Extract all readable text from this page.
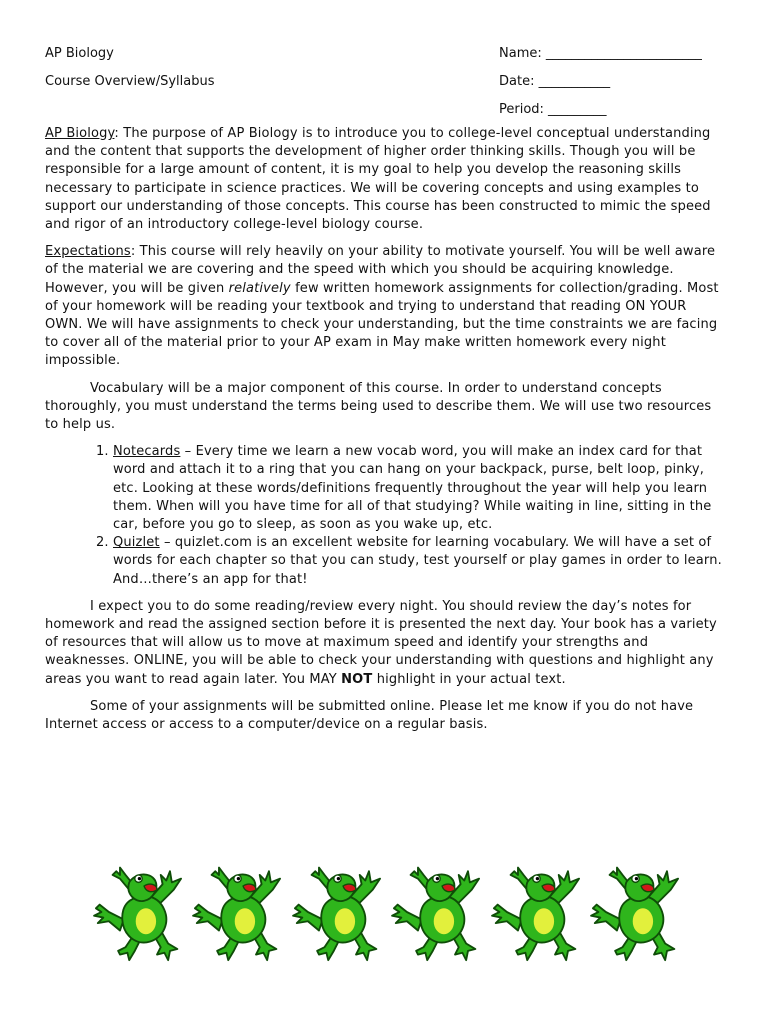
AP Biology	Name: ________________________
Course Overview/Syllabus	Date: ___________
Period: _________

AP Biology: The purpose of AP Biology is to introduce you to college-level conceptual understanding and the content that supports the development of higher order thinking skills. Though you will be responsible for a large amount of content, it is my goal to help you develop the reasoning skills necessary to participate in science practices. We will be covering concepts and using examples to support our understanding of those concepts. This course has been constructed to mimic the speed and rigor of an introductory college-level biology course.

Expectations: This course will rely heavily on your ability to motivate yourself. You will be well aware of the material we are covering and the speed with which you should be acquiring knowledge. However, you will be given relatively few written homework assignments for collection/grading. Most of your homework will be reading your textbook and trying to understand that reading ON YOUR OWN. We will have assignments to check your understanding, but the time constraints we are facing to cover all of the material prior to your AP exam in May make written homework every night impossible.

Vocabulary will be a major component of this course. In order to understand concepts thoroughly, you must understand the terms being used to describe them. We will use two resources to help us.

1. Notecards – Every time we learn a new vocab word, you will make an index card for that word and attach it to a ring that you can hang on your backpack, purse, belt loop, pinky, etc. Looking at these words/definitions frequently throughout the year will help you learn them. When will you have time for all of that studying? While waiting in line, sitting in the car, before you go to sleep, as soon as you wake up, etc.
2. Quizlet – quizlet.com is an excellent website for learning vocabulary. We will have a set of words for each chapter so that you can study, test yourself or play games in order to learn. And…there’s an app for that!

I expect you to do some reading/review every night. You should review the day’s notes for homework and read the assigned section before it is presented the next day. Your book has a variety of resources that will allow us to move at maximum speed and identify your strengths and weaknesses. ONLINE, you will be able to check your understanding with questions and highlight any areas you want to read again later. You MAY NOT highlight in your actual text.

Some of your assignments will be submitted online. Please let me know if you do not have Internet access or access to a computer/device on a regular basis.
